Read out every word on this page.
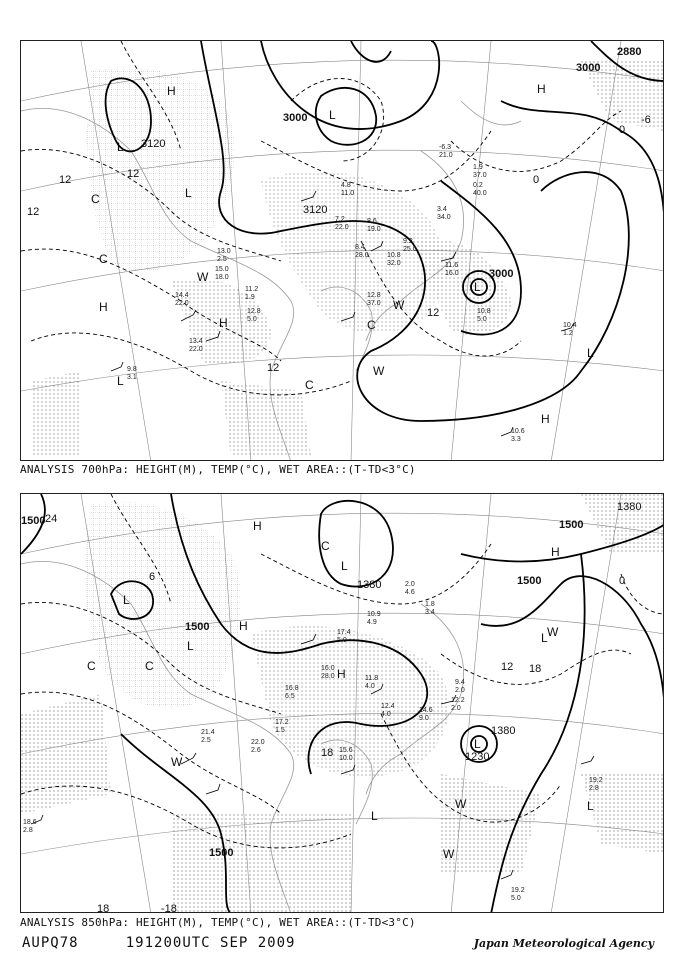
2880
3000
3000
3120
3120
3000
12	12
12
12
12
0
-6
0
L
L
L
L
L
L
H	H
H
H
H
C
C
C
C
W
W
W
-6.3
21.0
1.9
37.0
0.2
40.0
4.8
11.0
8.6
19.0
7.2
22.0
9.2
25.0
10.8
32.0
3.4
34.0
11.6
16.0
8.4
28.0
12.8
37.0
15.0
18.0
13.0
2.5
11.2
1.9
14.4
22.0
12.8
5.0
10.6
3.3
10.4
1.2
9.8
3.1
13.4
22.0
10.8
5.0
ANALYSIS 700hPa: HEIGHT(M), TEMP(°C), WET AREA::(T-TD<3°C)
1500
1500
1500
1500
1500
1380
1380
1380
1230
24
0
12 18
18
-18
18
6
L
L
L
L
L
L
L
H
H
H
H
C	C
C
W
W
W
W
2.0
4.6
1.8
3.4
10.9
4.9
17.4
5.0
11.8
4.0
16.0
28.0
14.6
9.0
12.4
4.0
15.6
10.0
19.2
2.8
19.2
5.0
18.6
2.8
22.0
2.6
17.2
1.5
21.4
2.5
16.8
6.5
9.4
2.0
12.2
2.0
ANALYSIS 850hPa: HEIGHT(M), TEMP(°C), WET AREA::(T-TD<3°C)
AUPQ78	191200UTC SEP 2009	Japan Meteorological Agency
